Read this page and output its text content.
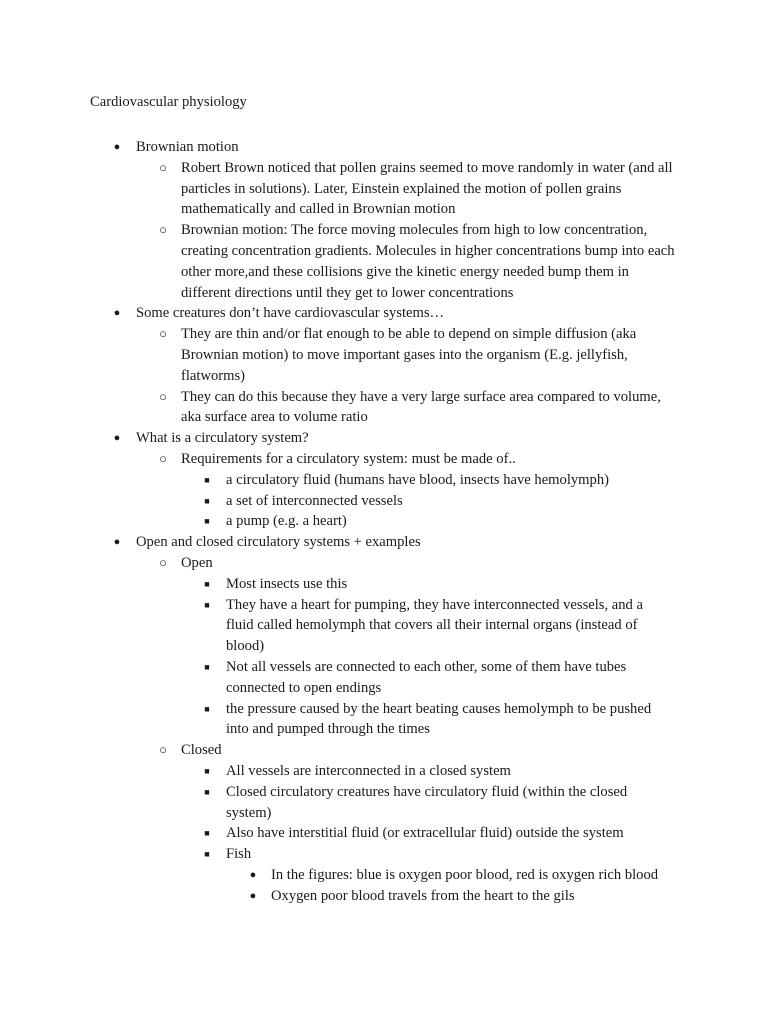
Cardiovascular physiology
● Brownian motion
○ Robert Brown noticed that pollen grains seemed to move randomly in water (and all particles in solutions). Later, Einstein explained the motion of pollen grains mathematically and called in Brownian motion
○ Brownian motion: The force moving molecules from high to low concentration, creating concentration gradients. Molecules in higher concentrations bump into each other more,and these collisions give the kinetic energy needed bump them in different directions until they get to lower concentrations
● Some creatures don’t have cardiovascular systems…
○ They are thin and/or flat enough to be able to depend on simple diffusion (aka Brownian motion) to move important gases into the organism (E.g. jellyfish, flatworms)
○ They can do this because they have a very large surface area compared to volume, aka surface area to volume ratio
● What is a circulatory system?
○ Requirements for a circulatory system: must be made of..
■ a circulatory fluid (humans have blood, insects have hemolymph)
■ a set of interconnected vessels
■ a pump (e.g. a heart)
● Open and closed circulatory systems + examples
○ Open
■ Most insects use this
■ They have a heart for pumping, they have interconnected vessels, and a fluid called hemolymph that covers all their internal organs (instead of blood)
■ Not all vessels are connected to each other, some of them have tubes connected to open endings
■ the pressure caused by the heart beating causes hemolymph to be pushed into and pumped through the times
○ Closed
■ All vessels are interconnected in a closed system
■ Closed circulatory creatures have circulatory fluid (within the closed system)
■ Also have interstitial fluid (or extracellular fluid) outside the system
■ Fish
● In the figures: blue is oxygen poor blood, red is oxygen rich blood
● Oxygen poor blood travels from the heart to the gils
